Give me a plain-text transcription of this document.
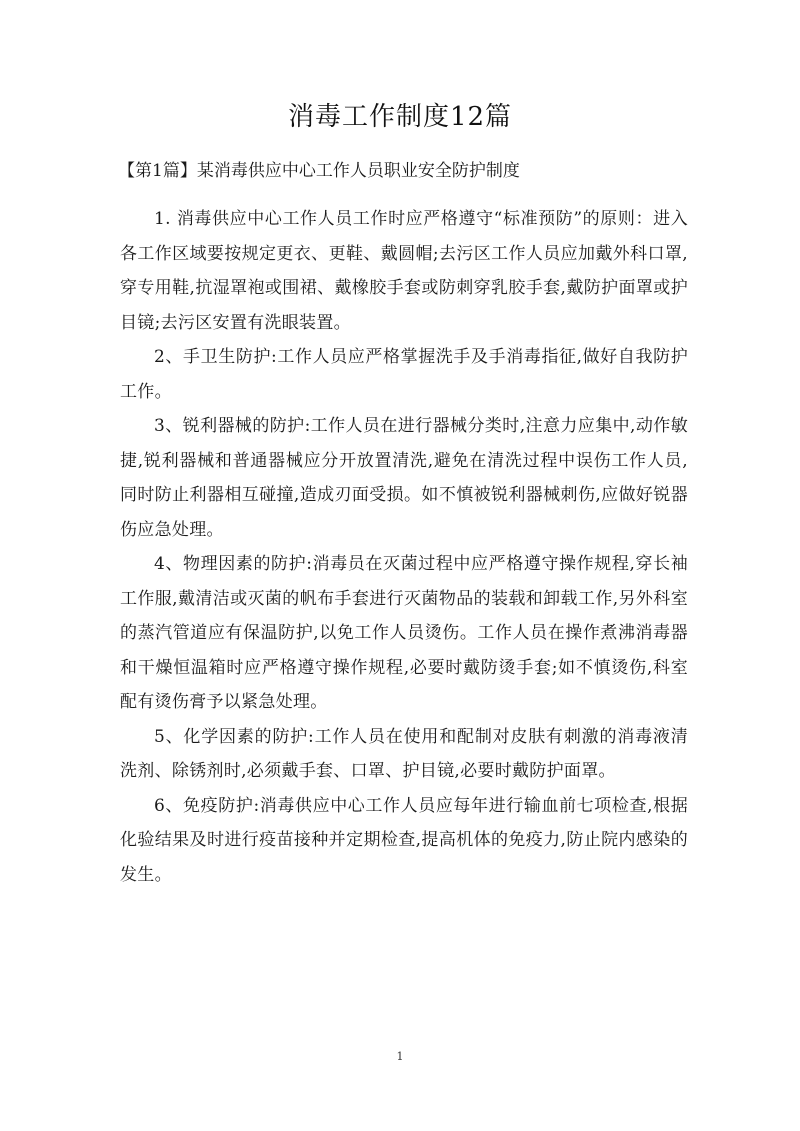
消毒工作制度12篇

【第1篇】某消毒供应中心工作人员职业安全防护制度

1. 消毒供应中心工作人员工作时应严格遵守“标准预防”的原则：进入各工作区域要按规定更衣、更鞋、戴圆帽;去污区工作人员应加戴外科口罩,穿专用鞋,抗湿罩袍或围裙、戴橡胶手套或防刺穿乳胶手套,戴防护面罩或护目镜;去污区安置有洗眼装置。

2、手卫生防护:工作人员应严格掌握洗手及手消毒指征,做好自我防护工作。

3、锐利器械的防护:工作人员在进行器械分类时,注意力应集中,动作敏捷,锐利器械和普通器械应分开放置清洗,避免在清洗过程中误伤工作人员,同时防止利器相互碰撞,造成刃面受损。如不慎被锐利器械刺伤,应做好锐器伤应急处理。

4、物理因素的防护:消毒员在灭菌过程中应严格遵守操作规程,穿长袖工作服,戴清洁或灭菌的帆布手套进行灭菌物品的装载和卸载工作,另外科室的蒸汽管道应有保温防护,以免工作人员烫伤。工作人员在操作煮沸消毒器和干燥恒温箱时应严格遵守操作规程,必要时戴防烫手套;如不慎烫伤,科室配有烫伤膏予以紧急处理。

5、化学因素的防护:工作人员在使用和配制对皮肤有刺激的消毒液清洗剂、除锈剂时,必须戴手套、口罩、护目镜,必要时戴防护面罩。

6、免疫防护:消毒供应中心工作人员应每年进行输血前七项检查,根据化验结果及时进行疫苗接种并定期检查,提高机体的免疫力,防止院内感染的发生。

1
